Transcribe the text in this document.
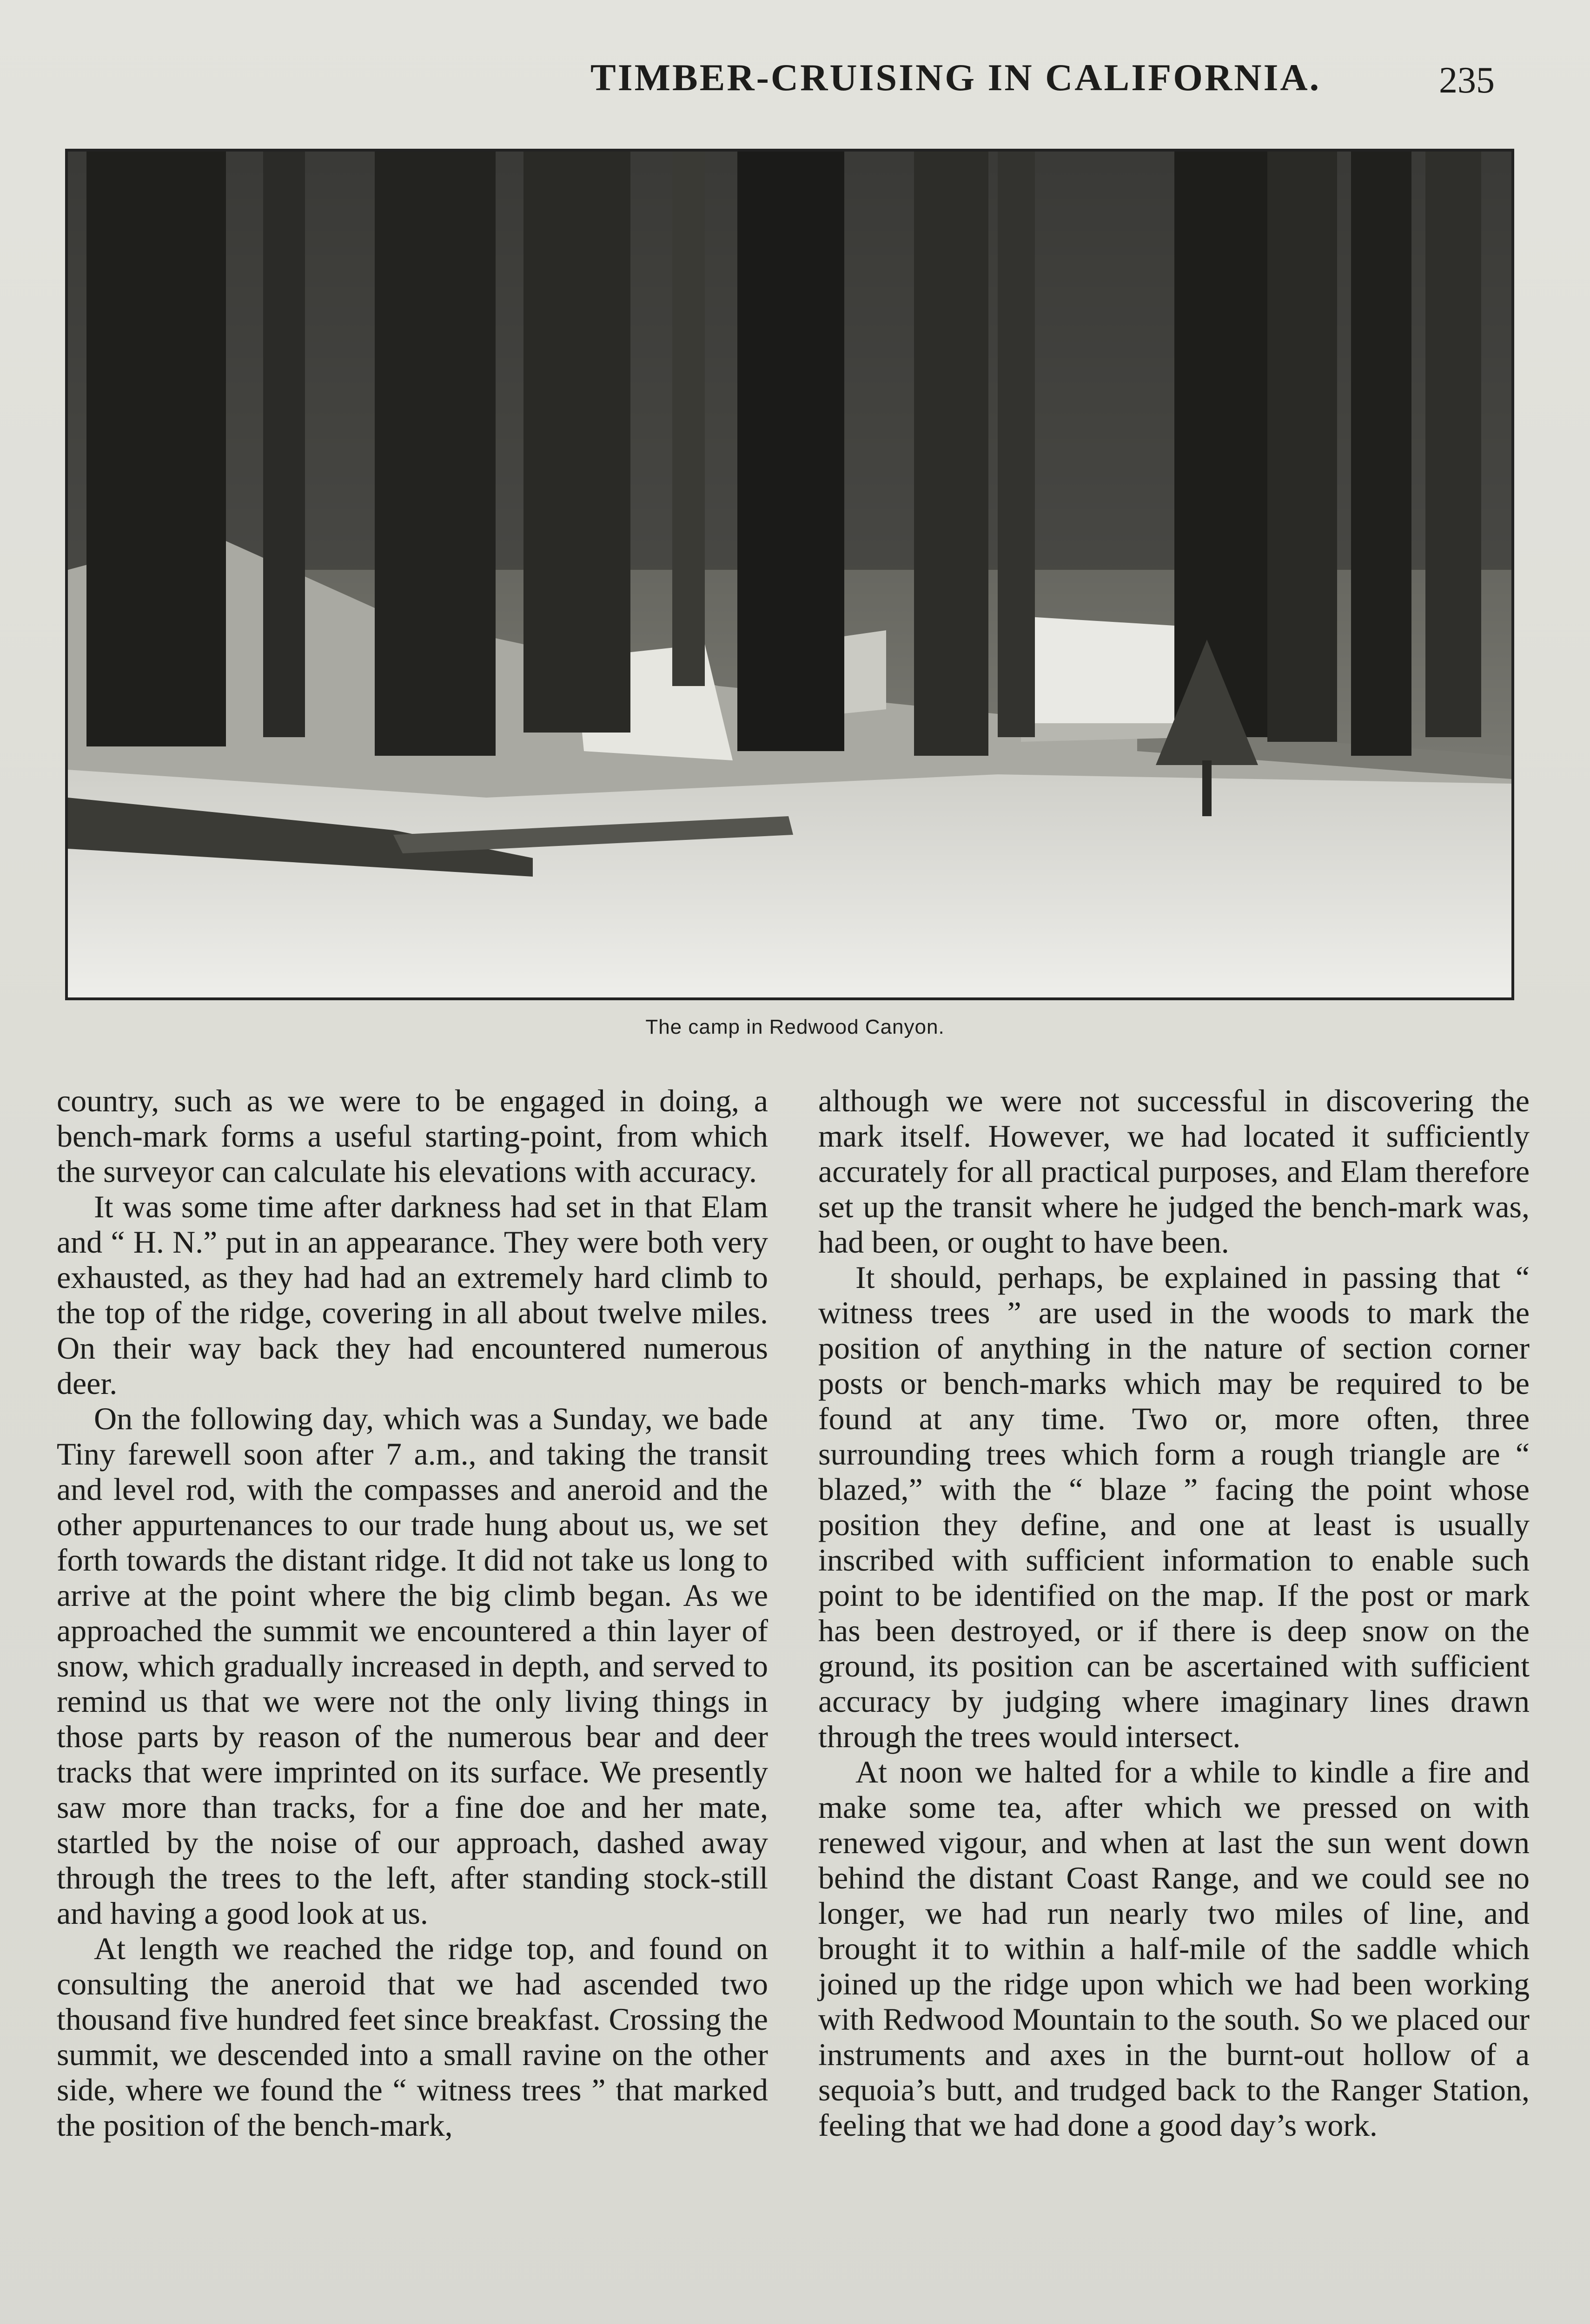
TIMBER-CRUISING IN CALIFORNIA.	235
The camp in Redwood Canyon.

country, such as we were to be engaged in doing, a bench-mark forms a useful starting-point, from which the surveyor can calculate his elevations with accuracy.

It was some time after darkness had set in that Elam and “ H. N.” put in an appearance. They were both very exhausted, as they had had an extremely hard climb to the top of the ridge, covering in all about twelve miles. On their way back they had encountered numerous deer.

On the following day, which was a Sunday, we bade Tiny farewell soon after 7 a.m., and taking the transit and level rod, with the compasses and aneroid and the other appurtenances to our trade hung about us, we set forth towards the distant ridge. It did not take us long to arrive at the point where the big climb began. As we approached the summit we encountered a thin layer of snow, which gradually increased in depth, and served to remind us that we were not the only living things in those parts by reason of the numerous bear and deer tracks that were imprinted on its surface. We presently saw more than tracks, for a fine doe and her mate, startled by the noise of our approach, dashed away through the trees to the left, after standing stock-still and having a good look at us.

At length we reached the ridge top, and found on consulting the aneroid that we had ascended two thousand five hundred feet since breakfast. Crossing the summit, we descended into a small ravine on the other side, where we found the “ witness trees ” that marked the position of the bench-mark,

although we were not successful in discovering the mark itself. However, we had located it sufficiently accurately for all practical purposes, and Elam therefore set up the transit where he judged the bench-mark was, had been, or ought to have been.

It should, perhaps, be explained in passing that “ witness trees ” are used in the woods to mark the position of anything in the nature of section corner posts or bench-marks which may be required to be found at any time. Two or, more often, three surrounding trees which form a rough triangle are “ blazed,” with the “ blaze ” facing the point whose position they define, and one at least is usually inscribed with sufficient information to enable such point to be identified on the map. If the post or mark has been destroyed, or if there is deep snow on the ground, its position can be ascertained with sufficient accuracy by judging where imaginary lines drawn through the trees would intersect.

At noon we halted for a while to kindle a fire and make some tea, after which we pressed on with renewed vigour, and when at last the sun went down behind the distant Coast Range, and we could see no longer, we had run nearly two miles of line, and brought it to within a half-mile of the saddle which joined up the ridge upon which we had been working with Redwood Mountain to the south. So we placed our instruments and axes in the burnt-out hollow of a sequoia’s butt, and trudged back to the Ranger Station, feeling that we had done a good day’s work.
